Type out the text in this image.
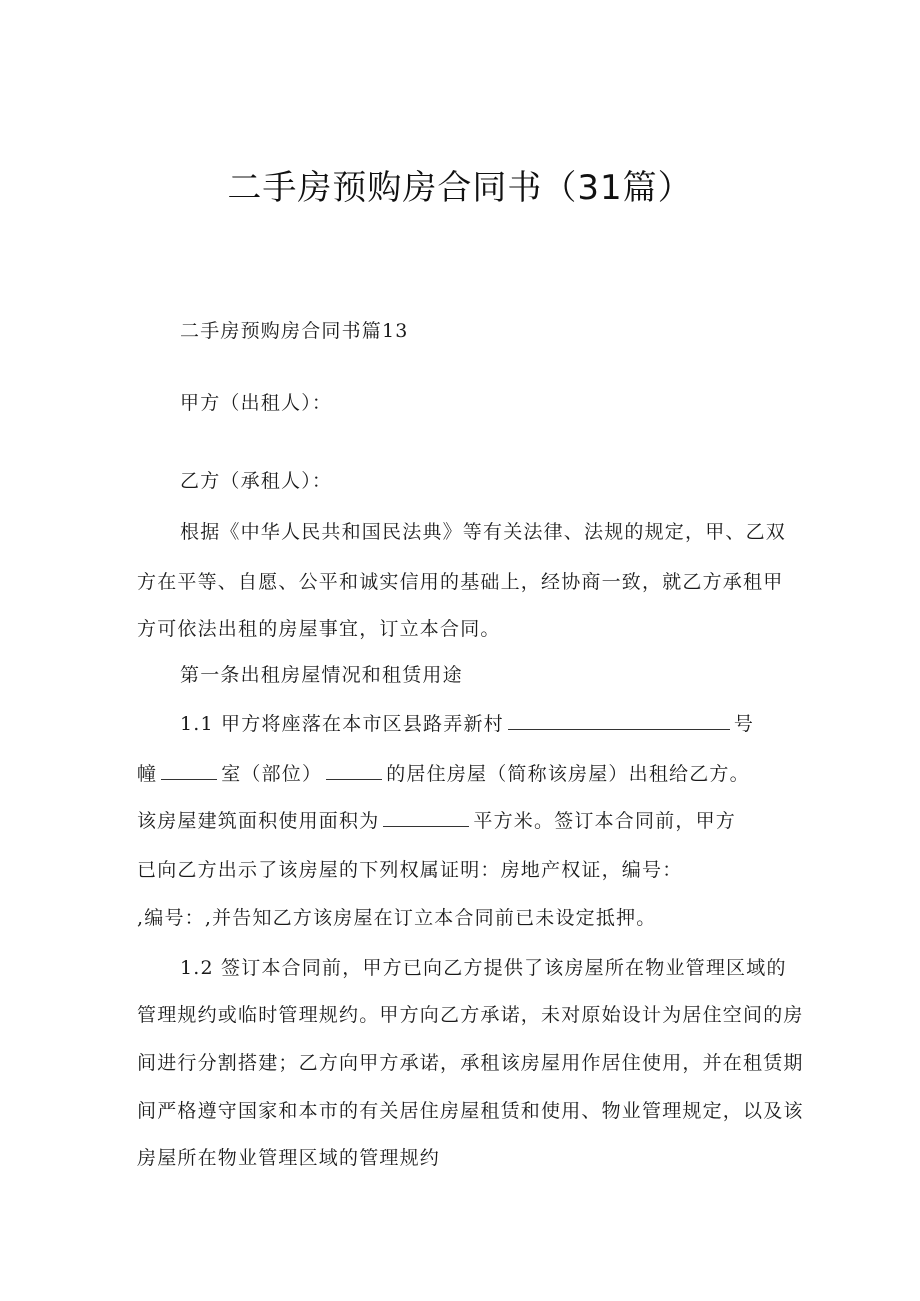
二手房预购房合同书（31篇）
二手房预购房合同书篇13
甲方（出租人）：
乙方（承租人）：
根据《中华人民共和国民法典》等有关法律、法规的规定，甲、乙双
方在平等、自愿、公平和诚实信用的基础上，经协商一致，就乙方承租甲
方可依法出租的房屋事宜，订立本合同。
第一条出租房屋情况和租赁用途
1.1 甲方将座落在本市区县路弄新村	号
幢	室（部位）	的居住房屋（简称该房屋）出租给乙方。
该房屋建筑面积使用面积为	平方米。签订本合同前，甲方
已向乙方出示了该房屋的下列权属证明：房地产权证，编号：
,编号：,并告知乙方该房屋在订立本合同前已未设定抵押。
1.2 签订本合同前，甲方已向乙方提供了该房屋所在物业管理区域的
管理规约或临时管理规约。甲方向乙方承诺，未对原始设计为居住空间的房
间进行分割搭建；乙方向甲方承诺，承租该房屋用作居住使用，并在租赁期
间严格遵守国家和本市的有关居住房屋租赁和使用、物业管理规定，以及该
房屋所在物业管理区域的管理规约
